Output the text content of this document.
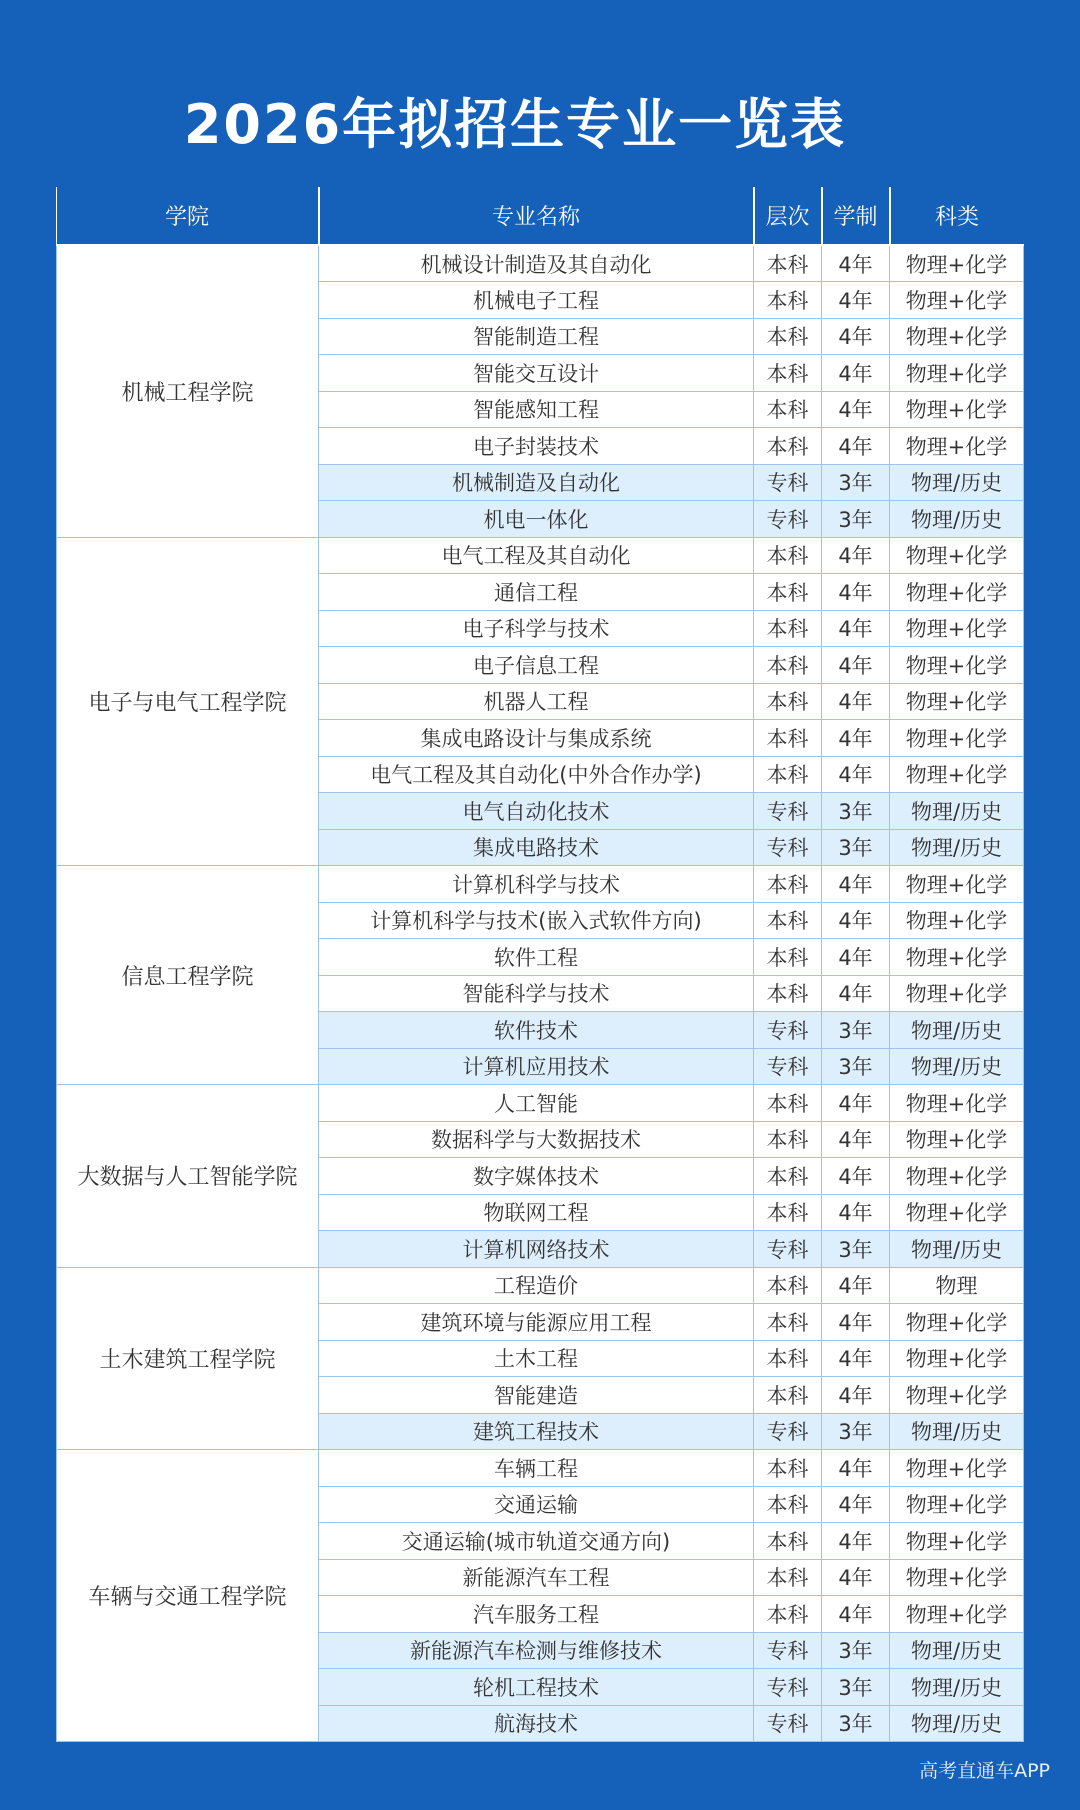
2026年拟招生专业一览表
学院	专业名称	层次	学制	科类
机械工程学院	机械设计制造及其自动化	本科	4年	物理+化学
	机械电子工程	本科	4年	物理+化学
	智能制造工程	本科	4年	物理+化学
	智能交互设计	本科	4年	物理+化学
	智能感知工程	本科	4年	物理+化学
	电子封装技术	本科	4年	物理+化学
	机械制造及自动化	专科	3年	物理/历史
	机电一体化	专科	3年	物理/历史
电子与电气工程学院	电气工程及其自动化	本科	4年	物理+化学
	通信工程	本科	4年	物理+化学
	电子科学与技术	本科	4年	物理+化学
	电子信息工程	本科	4年	物理+化学
	机器人工程	本科	4年	物理+化学
	集成电路设计与集成系统	本科	4年	物理+化学
	电气工程及其自动化(中外合作办学)	本科	4年	物理+化学
	电气自动化技术	专科	3年	物理/历史
	集成电路技术	专科	3年	物理/历史
信息工程学院	计算机科学与技术	本科	4年	物理+化学
	计算机科学与技术(嵌入式软件方向)	本科	4年	物理+化学
	软件工程	本科	4年	物理+化学
	智能科学与技术	本科	4年	物理+化学
	软件技术	专科	3年	物理/历史
	计算机应用技术	专科	3年	物理/历史
大数据与人工智能学院	人工智能	本科	4年	物理+化学
	数据科学与大数据技术	本科	4年	物理+化学
	数字媒体技术	本科	4年	物理+化学
	物联网工程	本科	4年	物理+化学
	计算机网络技术	专科	3年	物理/历史
土木建筑工程学院	工程造价	本科	4年	物理
	建筑环境与能源应用工程	本科	4年	物理+化学
	土木工程	本科	4年	物理+化学
	智能建造	本科	4年	物理+化学
	建筑工程技术	专科	3年	物理/历史
车辆与交通工程学院	车辆工程	本科	4年	物理+化学
	交通运输	本科	4年	物理+化学
	交通运输(城市轨道交通方向)	本科	4年	物理+化学
	新能源汽车工程	本科	4年	物理+化学
	汽车服务工程	本科	4年	物理+化学
	新能源汽车检测与维修技术	专科	3年	物理/历史
	轮机工程技术	专科	3年	物理/历史
	航海技术	专科	3年	物理/历史
高考直通车APP
